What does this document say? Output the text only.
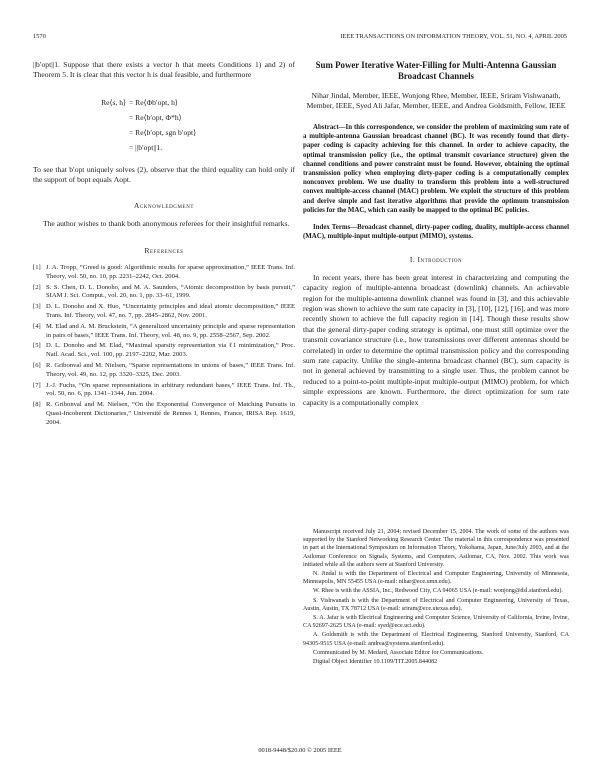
1570	IEEE TRANSACTIONS ON INFORMATION THEORY, VOL. 51, NO. 4, APRIL 2005

||b′opt||1. Suppose that there exists a vector h that meets Conditions 1) and 2) of Theorem 5. It is clear that this vector h is dual feasible, and furthermore

Re⟨s, h⟩ = Re⟨Φb′opt, h⟩
= Re⟨b′opt, Φ*h⟩
= Re⟨b′opt, sgn b′opt⟩
= ||b′opt||1.

To see that b′opt uniquely solves (2), observe that the third equality can hold only if the support of bopt equals Λopt.

Acknowledgment

The author wishes to thank both anonymous referees for their insightful remarks.

References
[1] J. A. Tropp, “Greed is good: Algorithmic results for sparse approximation,” IEEE Trans. Inf. Theory, vol. 50, no. 10, pp. 2231–2242, Oct. 2004.
[2] S. S. Chen, D. L. Donoho, and M. A. Saunders, “Atomic decomposition by basis pursuit,” SIAM J. Sci. Comput., vol. 20, no. 1, pp. 33–61, 1999.
[3] D. L. Donoho and X. Huo, “Uncertainty principles and ideal atomic decomposition,” IEEE Trans. Inf. Theory, vol. 47, no. 7, pp. 2845–2862, Nov. 2001.
[4] M. Elad and A. M. Bruckstein, “A generalized uncertainty principle and sparse representation in pairs of bases,” IEEE Trans. Inf. Theory, vol. 48, no. 9, pp. 2558–2567, Sep. 2002.
[5] D. L. Donoho and M. Elad, “Maximal sparsity representation via ℓ1 minimization,” Proc. Natl. Acad. Sci., vol. 100, pp. 2197–2202, Mar. 2003.
[6] R. Gribonval and M. Nielsen, “Sparse representations in unions of bases,” IEEE Trans. Inf. Theory, vol. 49, no. 12, pp. 3320–3325, Dec. 2003.
[7] J.-J. Fuchs, “On sparse representations in arbitrary redundant bases,” IEEE Trans. Inf. Th., vol. 50, no. 6, pp. 1341–1344, Jun. 2004.
[8] R. Gribonval and M. Nielsen, “On the Exponential Convergence of Matching Pursuits in Quasi-Incoherent Dictionaries,” Université de Rennes I, Rennes, France, IRISA Rep. 1619, 2004.
Sum Power Iterative Water-Filling for Multi-Antenna Gaussian Broadcast Channels
Nihar Jindal, Member, IEEE, Wonjong Rhee, Member, IEEE, Sriram Vishwanath, Member, IEEE, Syed Ali Jafar, Member, IEEE, and Andrea Goldsmith, Fellow, IEEE

Abstract—In this correspondence, we consider the problem of maximizing sum rate of a multiple-antenna Gaussian broadcast channel (BC). It was recently found that dirty-paper coding is capacity achieving for this channel. In order to achieve capacity, the optimal transmission policy (i.e., the optimal transmit covariance structure) given the channel conditions and power constraint must be found. However, obtaining the optimal transmission policy when employing dirty-paper coding is a computationally complex nonconvex problem. We use duality to transform this problem into a well-structured convex multiple-access channel (MAC) problem. We exploit the structure of this problem and derive simple and fast iterative algorithms that provide the optimum transmission policies for the MAC, which can easily be mapped to the optimal BC policies.

Index Terms—Broadcast channel, dirty-paper coding, duality, multiple-access channel (MAC), multiple-input multiple-output (MIMO), systems.

I. Introduction

In recent years, there has been great interest in characterizing and computing the capacity region of multiple-antenna broadcast (downlink) channels. An achievable region for the multiple-antenna downlink channel was found in [3], and this achievable region was shown to achieve the sum rate capacity in [3], [10], [12], [16], and was more recently shown to achieve the full capacity region in [14]. Though these results show that the general dirty-paper coding strategy is optimal, one must still optimize over the transmit covariance structure (i.e., how transmissions over different antennas should be correlated) in order to determine the optimal transmission policy and the corresponding sum rate capacity. Unlike the single-antenna broadcast channel (BC), sum capacity is not in general achieved by transmitting to a single user. Thus, the problem cannot be reduced to a point-to-point multiple-input multiple-output (MIMO) problem, for which simple expressions are known. Furthermore, the direct optimization for sum rate capacity is a computationally complex

Manuscript received July 21, 2004; revised December 15, 2004. The work of some of the authors was supported by the Stanford Networking Research Center. The material in this correspondence was presented in part at the International Symposium on Information Theory, Yokohama, Japan, June/July 2003, and at the Asilomar Conference on Signals, Systems, and Computers, Asilomar, CA, Nov. 2002. This work was initiated while all the authors were at Stanford University.

N. Jindal is with the Department of Electrical and Computer Engineering, University of Minnesota, Minneapolis, MN 55455 USA (e-mail: nihar@ece.umn.edu).

W. Rhee is with the ASSIA, Inc., Redwood City, CA 94065 USA (e-mail: wonjong@dsl.stanford.edu).

S. Vishwanath is with the Department of Electrical and Computer Engineering, University of Texas, Austin, Austin, TX 78712 USA (e-mail: sriram@ece.utexas.edu).

S. A. Jafar is with Electrical Engineering and Computer Science, University of California, Irvine, Irvine, CA 92697-2625 USA (e-mail: syed@ece.uci.edu).

A. Goldsmith is with the Department of Electrical Engineering, Stanford University, Stanford, CA 94305-9515 USA (e-mail: andrea@systems.stanford.edu).

Communicated by M. Medard, Associate Editor for Communications.

Digital Object Identifier 10.1109/TIT.2005.844082

0018-9448/$20.00 © 2005 IEEE
